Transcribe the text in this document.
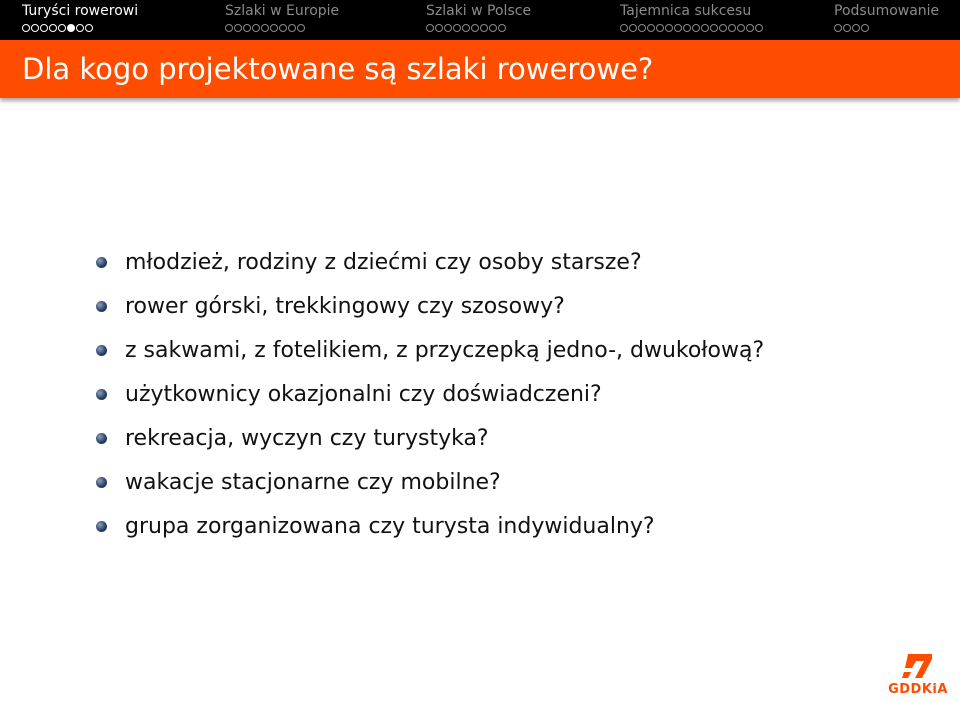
Turyści rowerowi	Szlaki w Europie	Szlaki w Polsce	Tajemnica sukcesu	Podsumowanie
Dla kogo projektowane są szlaki rowerowe?
młodzież, rodziny z dziećmi czy osoby starsze?
rower górski, trekkingowy czy szosowy?
z sakwami, z fotelikiem, z przyczepką jedno-, dwukołową?
użytkownicy okazjonalni czy doświadczeni?
rekreacja, wyczyn czy turystyka?
wakacje stacjonarne czy mobilne?
grupa zorganizowana czy turysta indywidualny?
GDDKiA
